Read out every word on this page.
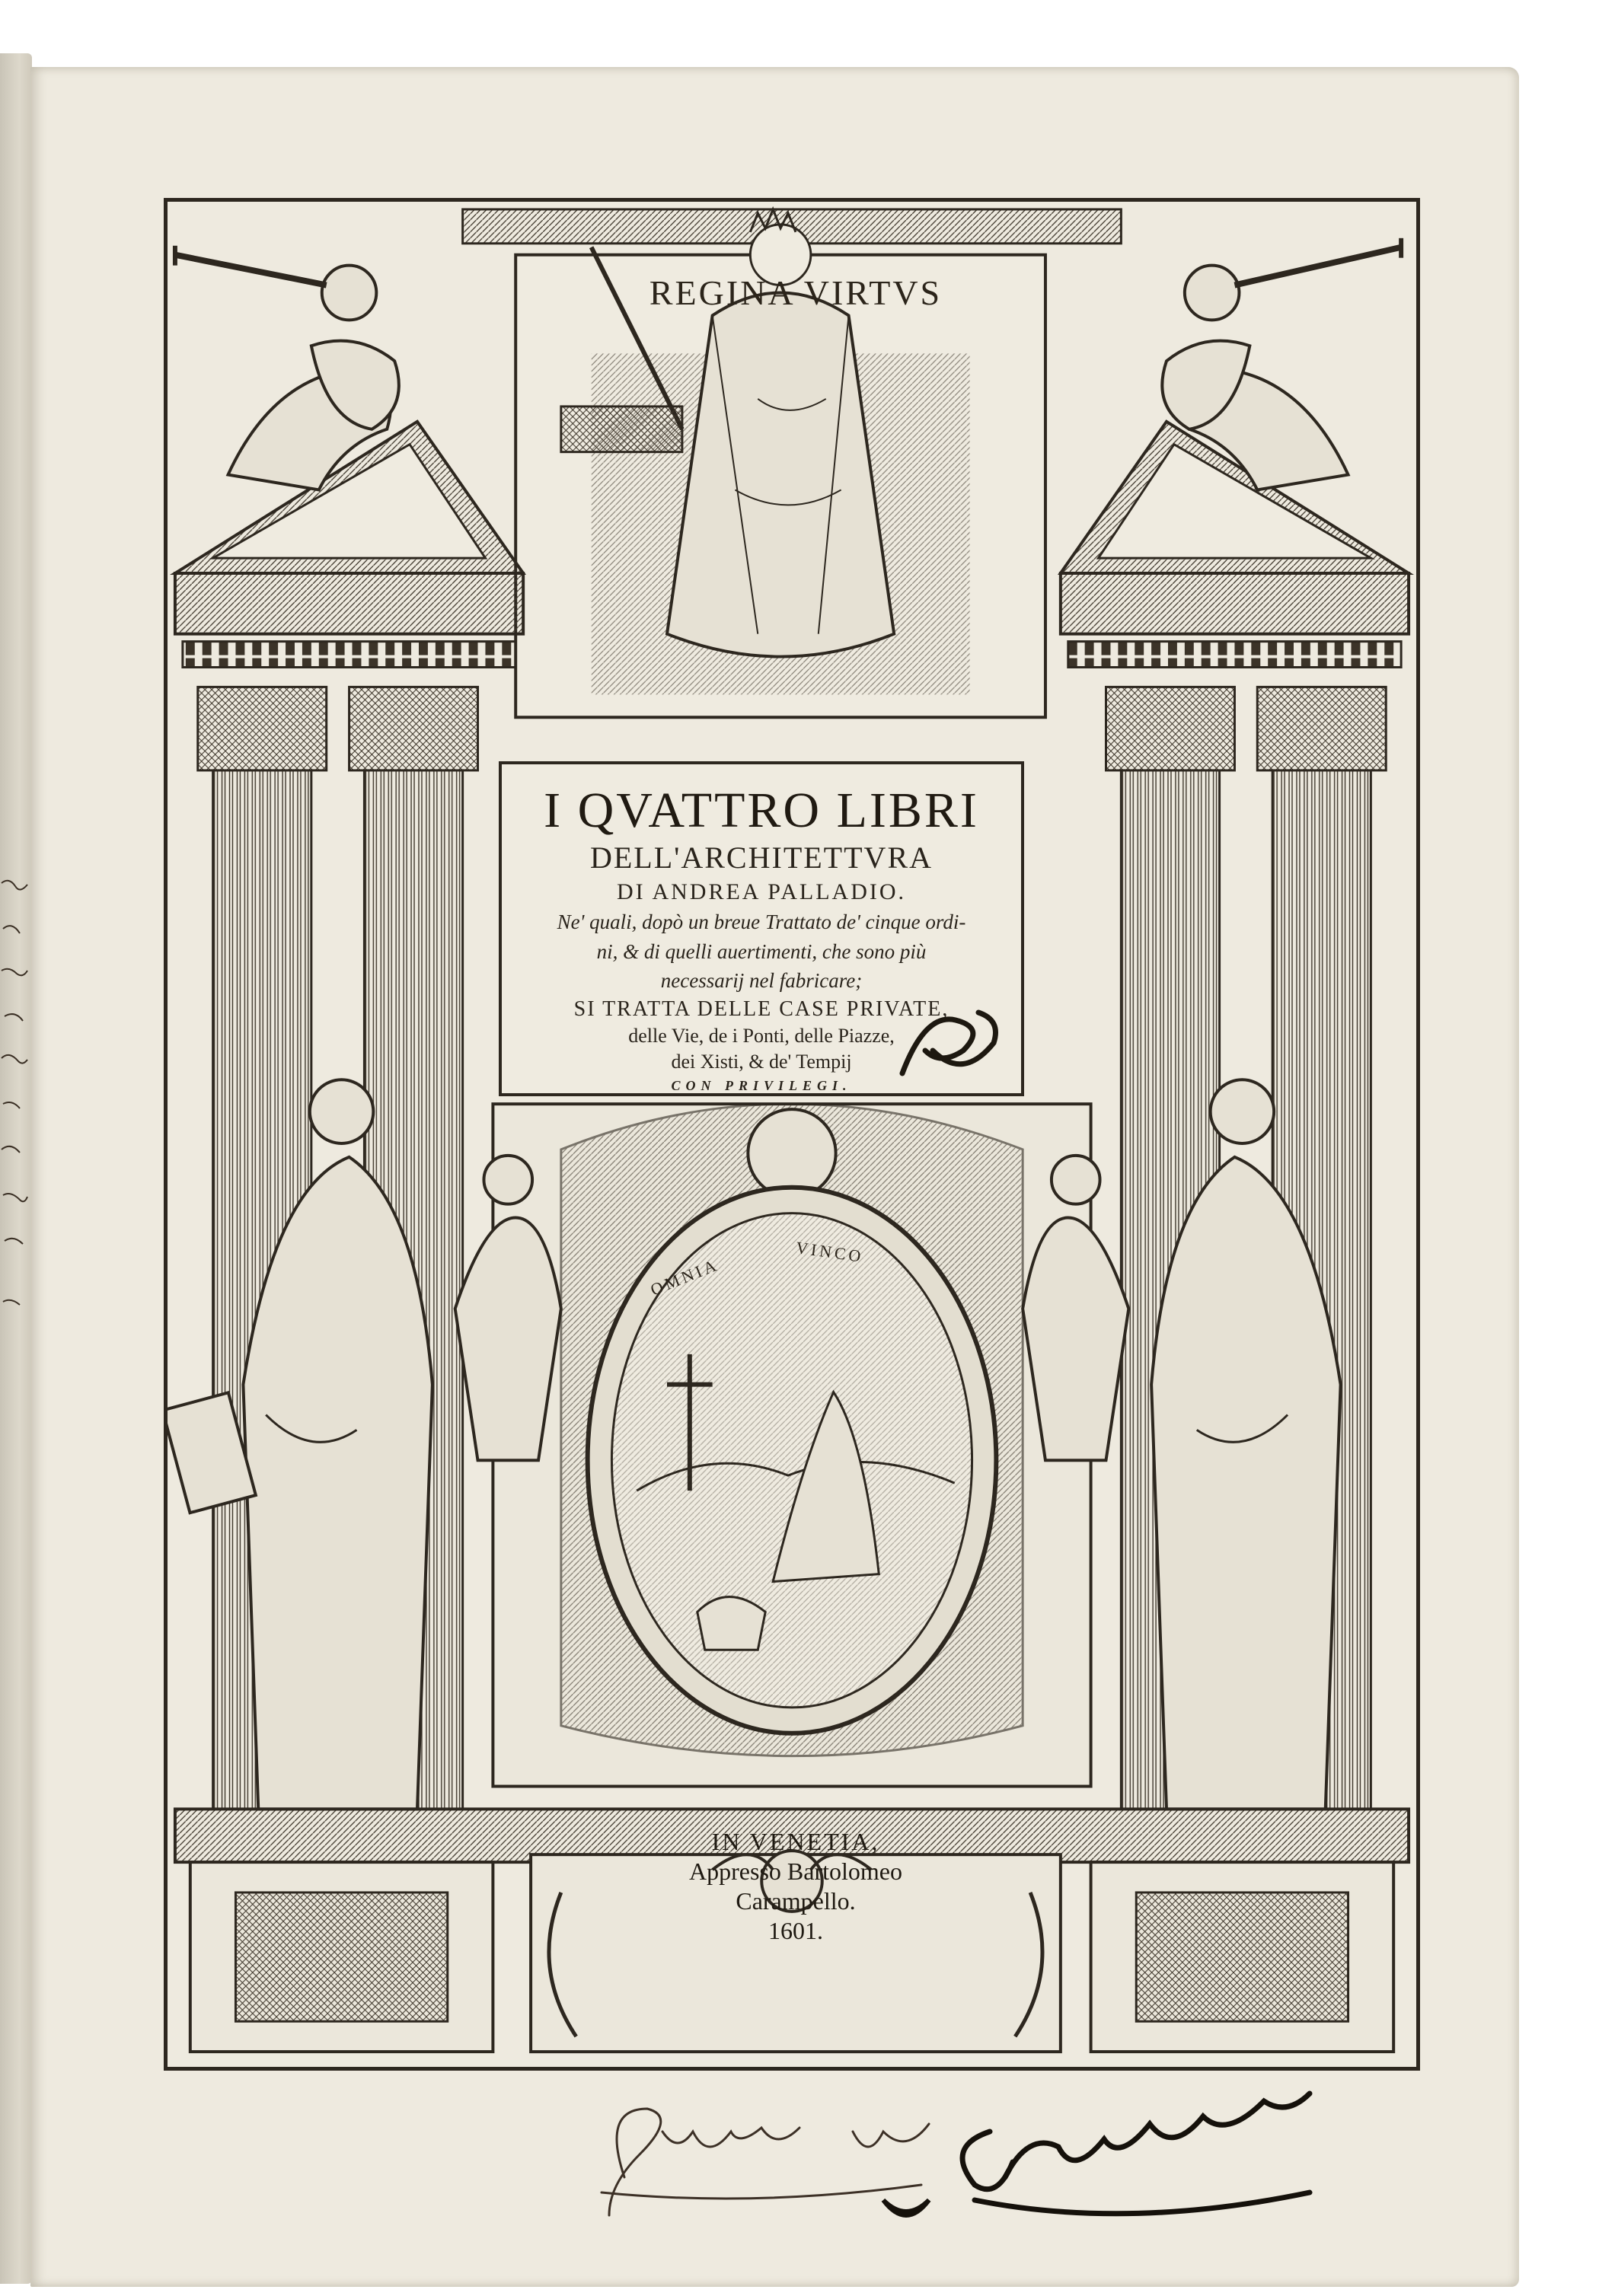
REGINA VIRTVS
I QVATTRO LIBRI
DELL'ARCHITETTVRA
DI ANDREA PALLADIO.
Ne' quali, dopò un breue Trattato de' cinque ordi-
ni, & di quelli auertimenti, che sono più
necessarij nel fabricare;
SI TRATTA DELLE CASE PRIVATE,
delle Vie, de i Ponti, delle Piazze,
dei Xisti, & de' Tempij
CON PRIVILEGI.
OMNIA
VINCO
IN VENETIA,
Appresso Bartolomeo
Carampello.
1601.
